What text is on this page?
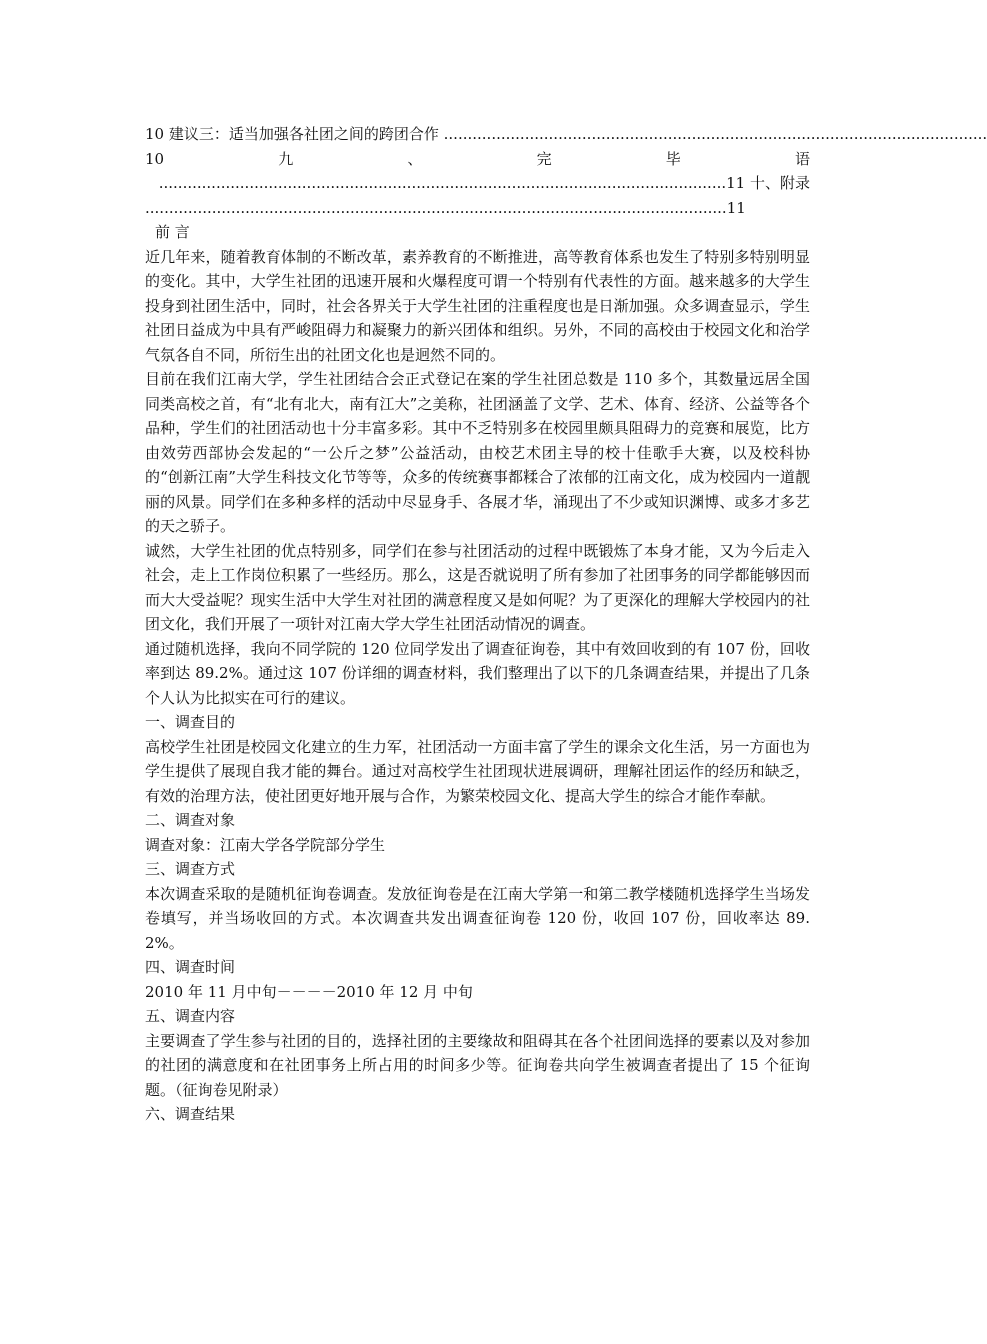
10 建议三：适当加强各社团之间的跨团合作 ..................................................................................................................
10	九	、	完	毕	语
.......................................................................................................................11 十、附录
..........................................................................................................................11
前 言

近几年来，随着教育体制的不断改革，素养教育的不断推进，高等教育体系也发生了特别多特别明显的变化。其中，大学生社团的迅速开展和火爆程度可谓一个特别有代表性的方面。越来越多的大学生投身到社团生活中，同时，社会各界关于大学生社团的注重程度也是日渐加强。众多调查显示，学生社团日益成为中具有严峻阻碍力和凝聚力的新兴团体和组织。另外，不同的高校由于校园文化和治学气氛各自不同，所衍生出的社团文化也是迥然不同的。

目前在我们江南大学，学生社团结合会正式登记在案的学生社团总数是 110 多个，其数量远居全国同类高校之首，有“北有北大，南有江大”之美称，社团涵盖了文学、艺术、体育、经济、公益等各个品种，学生们的社团活动也十分丰富多彩。其中不乏特别多在校园里颇具阻碍力的竞赛和展览，比方由效劳西部协会发起的“一公斤之梦”公益活动，由校艺术团主导的校十佳歌手大赛，以及校科协的“创新江南”大学生科技文化节等等，众多的传统赛事都糅合了浓郁的江南文化，成为校园内一道靓丽的风景。同学们在多种多样的活动中尽显身手、各展才华，涌现出了不少或知识渊博、或多才多艺的天之骄子。

诚然，大学生社团的优点特别多，同学们在参与社团活动的过程中既锻炼了本身才能，又为今后走入社会，走上工作岗位积累了一些经历。那么，这是否就说明了所有参加了社团事务的同学都能够因而而大大受益呢？现实生活中大学生对社团的满意程度又是如何呢？为了更深化的理解大学校园内的社团文化，我们开展了一项针对江南大学大学生社团活动情况的调查。

通过随机选择，我向不同学院的 120 位同学发出了调查征询卷，其中有效回收到的有 107 份，回收率到达 89.2%。通过这 107 份详细的调查材料，我们整理出了以下的几条调查结果，并提出了几条个人认为比拟实在可行的建议。

一、调查目的

高校学生社团是校园文化建立的生力军，社团活动一方面丰富了学生的课余文化生活，另一方面也为学生提供了展现自我才能的舞台。通过对高校学生社团现状进展调研，理解社团运作的经历和缺乏，有效的治理方法，使社团更好地开展与合作，为繁荣校园文化、提高大学生的综合才能作奉献。

二、调查对象

调查对象：江南大学各学院部分学生

三、调查方式

本次调查采取的是随机征询卷调查。发放征询卷是在江南大学第一和第二教学楼随机选择学生当场发卷填写，并当场收回的方式。本次调查共发出调查征询卷 120 份，收回 107 份，回收率达 89.2%。

四、调查时间

2010 年 11 月中旬－－－－2010 年 12 月 中旬

五、调查内容

主要调查了学生参与社团的目的，选择社团的主要缘故和阻碍其在各个社团间选择的要素以及对参加的社团的满意度和在社团事务上所占用的时间多少等。征询卷共向学生被调查者提出了 15 个征询题。（征询卷见附录）

六、调查结果
